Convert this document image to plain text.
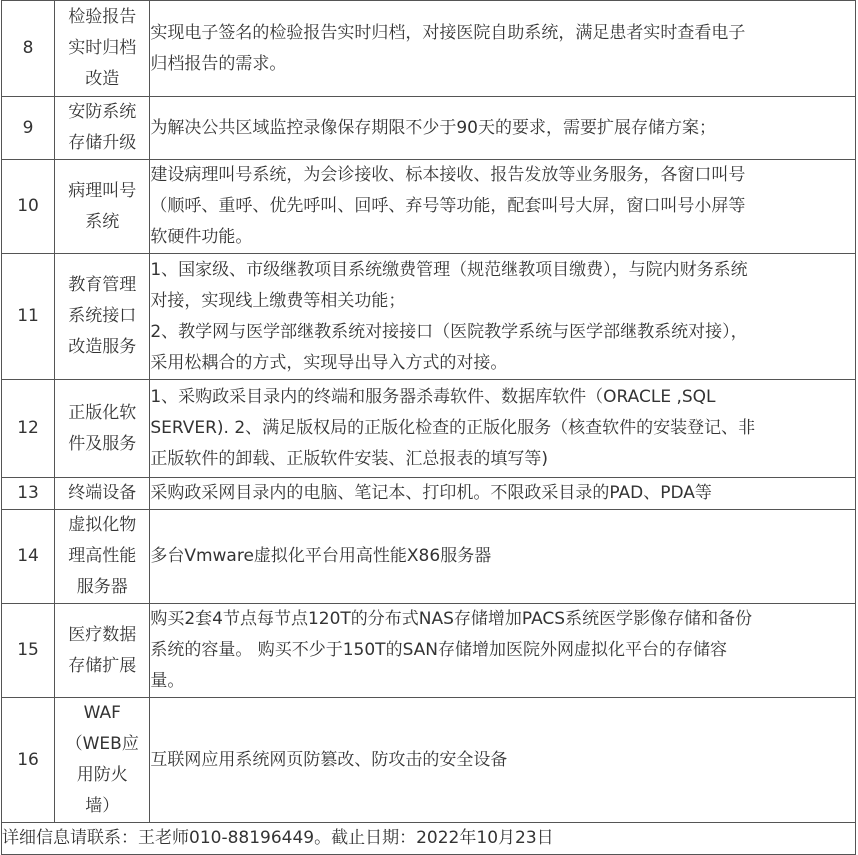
8	检验报告
实时归档
改造	实现电子签名的检验报告实时归档，对接医院自助系统，满足患者实时查看电子
归档报告的需求。

9	安防系统
存储升级	为解决公共区域监控录像保存期限不少于90天的要求，需要扩展存储方案；

10	病理叫号
系统	建设病理叫号系统，为会诊接收、标本接收、报告发放等业务服务，各窗口叫号
（顺呼、重呼、优先呼叫、回呼、弃号等功能，配套叫号大屏，窗口叫号小屏等
软硬件功能。

11	教育管理
系统接口
改造服务	1、国家级、市级继教项目系统缴费管理（规范继教项目缴费），与院内财务系统
对接，实现线上缴费等相关功能；
2、教学网与医学部继教系统对接接口（医院教学系统与医学部继教系统对接），
采用松耦合的方式，实现导出导入方式的对接。

12	正版化软
件及服务	1、采购政采目录内的终端和服务器杀毒软件、数据库软件（ORACLE ,SQL
SERVER). 2、满足版权局的正版化检查的正版化服务（核查软件的安装登记、非
正版软件的卸载、正版软件安装、汇总报表的填写等)

13	终端设备	采购政采网目录内的电脑、笔记本、打印机。不限政采目录的PAD、PDA等

14	虚拟化物
理高性能
服务器	多台Vmware虚拟化平台用高性能X86服务器

15	医疗数据
存储扩展	购买2套4节点每节点120T的分布式NAS存储增加PACS系统医学影像存储和备份
系统的容量。 购买不少于150T的SAN存储增加医院外网虚拟化平台的存储容
量。

16	WAF
（WEB应
用防火
墙）	互联网应用系统网页防篡改、防攻击的安全设备

详细信息请联系：王老师010-88196449。截止日期：2022年10月23日		
